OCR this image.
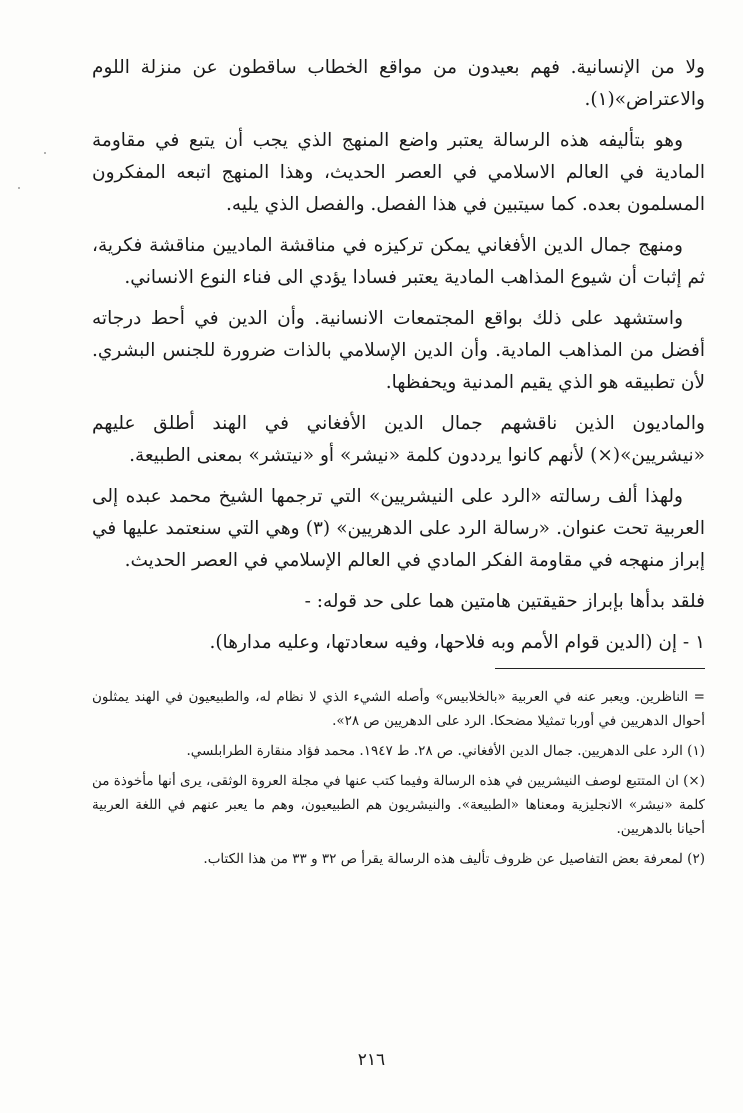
ولا من الإنسانية. فهم بعيدون من مواقع الخطاب ساقطون عن منزلة اللوم والاعتراض»(١).

وهو بتأليفه هذه الرسالة يعتبر واضع المنهج الذي يجب أن يتبع في مقاومة المادية في العالم الاسلامي في العصر الحديث، وهذا المنهج اتبعه المفكرون المسلمون بعده. كما سيتبين في هذا الفصل. والفصل الذي يليه.

ومنهج جمال الدين الأفغاني يمكن تركيزه في مناقشة الماديين مناقشة فكرية، ثم إثبات أن شيوع المذاهب المادية يعتبر فسادا يؤدي الى فناء النوع الانساني.

واستشهد على ذلك بواقع المجتمعات الانسانية. وأن الدين في أحط درجاته أفضل من المذاهب المادية. وأن الدين الإسلامي بالذات ضرورة للجنس البشري. لأن تطبيقه هو الذي يقيم المدنية ويحفظها.

والماديون الذين ناقشهم جمال الدين الأفغاني في الهند أطلق عليهم «نيشريين»(×) لأنهم كانوا يرددون كلمة «نيشر» أو «نيتشر» بمعنى الطبيعة.

ولهذا ألف رسالته «الرد على النيشريين» التي ترجمها الشيخ محمد عبده إلى العربية تحت عنوان. «رسالة الرد على الدهريين» (٣) وهي التي سنعتمد عليها في إبراز منهجه في مقاومة الفكر المادي في العالم الإسلامي في العصر الحديث.

فلقد بدأها بإبراز حقيقتين هامتين هما على حد قوله: -

١ - إن (الدين قوام الأمم وبه فلاحها، وفيه سعادتها، وعليه مدارها).

= الناظرين. ويعبر عنه في العربية «بالخلابيس» وأصله الشيء الذي لا نظام له، والطبيعيون في الهند يمثلون أحوال الدهريين في أوربا تمثيلا مضحكا. الرد على الدهريين ص ٢٨».

(١) الرد على الدهريين. جمال الدين الأفغاني. ص ٢٨. ط ١٩٤٧. محمد فؤاد منقارة الطرابلسي.

(×) ان المتتبع لوصف النيشريين في هذه الرسالة وفيما كتب عنها في مجلة العروة الوثقى، يرى أنها مأخوذة من كلمة «نيشر» الانجليزية ومعناها «الطبيعة». والنيشريون هم الطبيعيون، وهم ما يعبر عنهم في اللغة العربية أحيانا بالدهريين.

(٢) لمعرفة بعض التفاصيل عن ظروف تأليف هذه الرسالة يقرأ ص ٣٢ و ٣٣ من هذا الكتاب.

٢١٦
